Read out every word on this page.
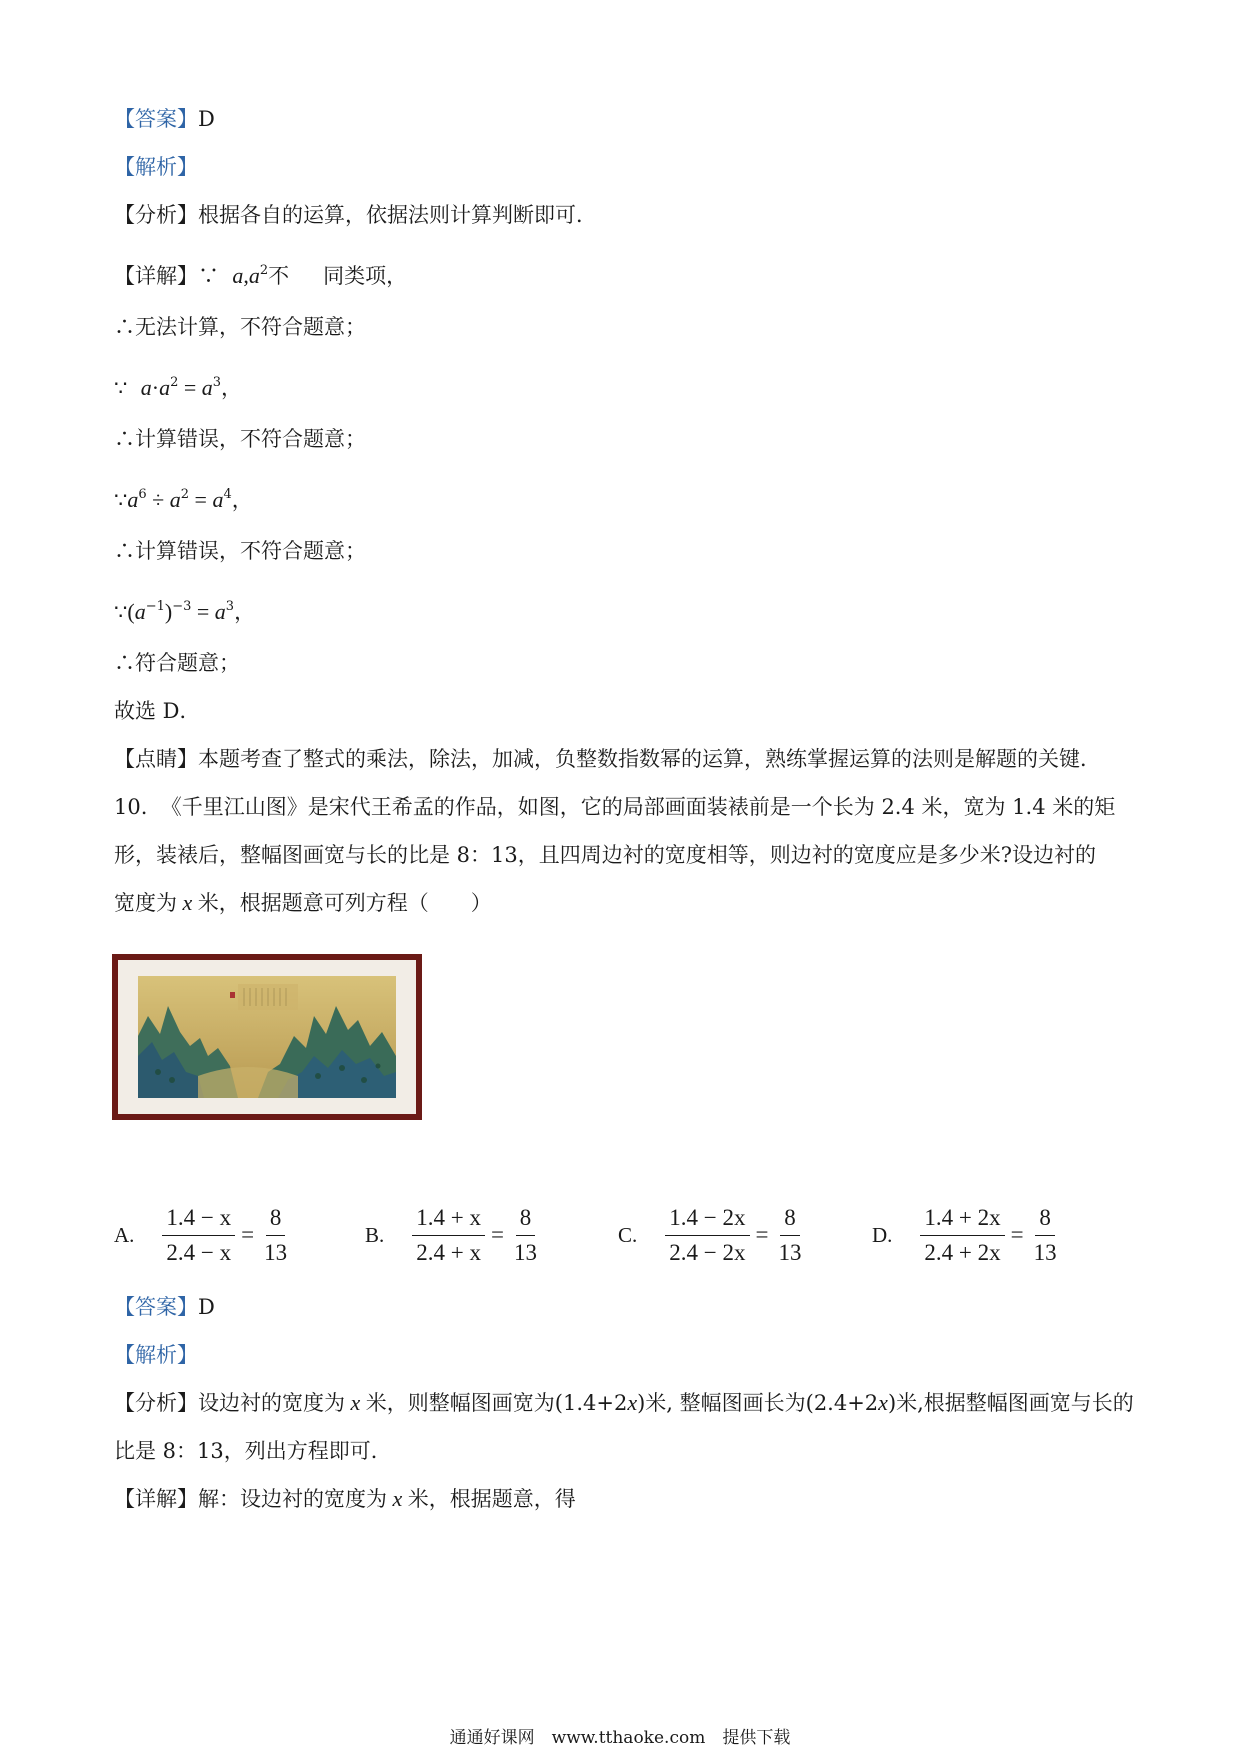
【答案】D
【解析】
【分析】根据各自的运算，依据法则计算判断即可．
【详解】∵ $a,a^2$不 同类项，
∴无法计算，不符合题意；
∵ $a\cdot a^2 = a^3$，
∴计算错误，不符合题意；
$\because a^6 \div a^2 = a^4$，
∴计算错误，不符合题意；
$\because(a^{-1})^{-3} = a^3$，
∴符合题意；
故选 D．
【点睛】本题考查了整式的乘法，除法，加减，负整数指数幂的运算，熟练掌握运算的法则是解题的关键．
10. 《千里江山图》是宋代王希孟的作品，如图，它的局部画面装裱前是一个长为 2.4 米，宽为 1.4 米的矩
形，装裱后，整幅图画宽与长的比是 8：13，且四周边衬的宽度相等，则边衬的宽度应是多少米?设边衬的
宽度为 x 米，根据题意可列方程（　　）
A. $\frac{1.4 - x}{2.4 - x} = \frac{8}{13}$	B. $\frac{1.4 + x}{2.4 + x} = \frac{8}{13}$	C. $\frac{1.4 - 2x}{2.4 - 2x} = \frac{8}{13}$	D. $\frac{1.4 + 2x}{2.4 + 2x} = \frac{8}{13}$
【答案】D
【解析】
【分析】设边衬的宽度为 x 米，则整幅图画宽为(1.4+2x)米, 整幅图画长为(2.4+2x)米,根据整幅图画宽与长的
比是 8：13，列出方程即可．
【详解】解：设边衬的宽度为 x 米，根据题意，得
通通好课网　www.tthaoke.com　提供下载
